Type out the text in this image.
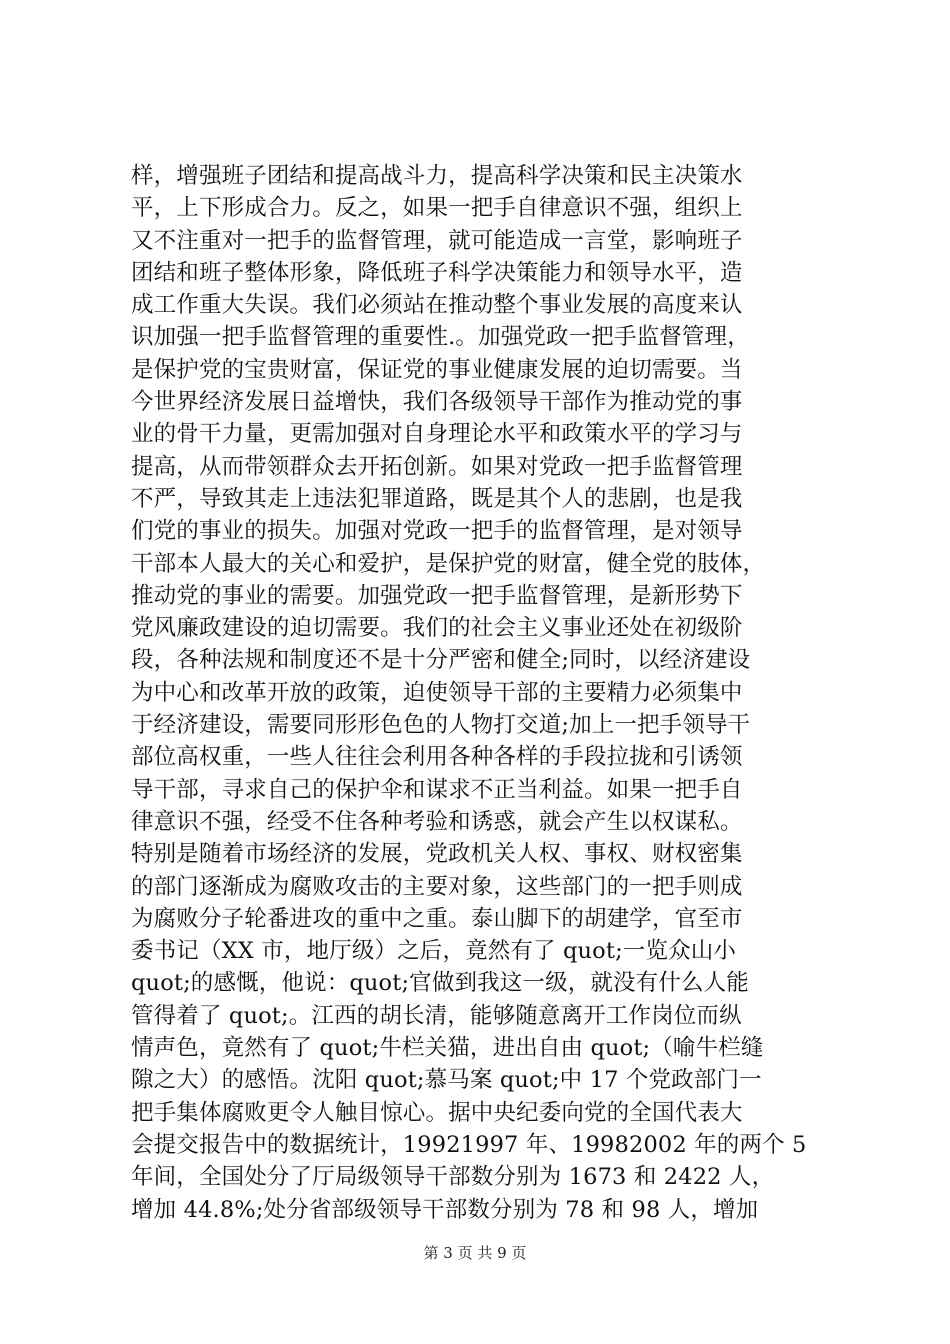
样，增强班子团结和提高战斗力，提高科学决策和民主决策水
平，上下形成合力。反之，如果一把手自律意识不强，组织上
又不注重对一把手的监督管理，就可能造成一言堂，影响班子
团结和班子整体形象，降低班子科学决策能力和领导水平，造
成工作重大失误。我们必须站在推动整个事业发展的高度来认
识加强一把手监督管理的重要性.。加强党政一把手监督管理，
是保护党的宝贵财富，保证党的事业健康发展的迫切需要。当
今世界经济发展日益增快，我们各级领导干部作为推动党的事
业的骨干力量，更需加强对自身理论水平和政策水平的学习与
提高，从而带领群众去开拓创新。如果对党政一把手监督管理
不严，导致其走上违法犯罪道路，既是其个人的悲剧，也是我
们党的事业的损失。加强对党政一把手的监督管理，是对领导
干部本人最大的关心和爱护，是保护党的财富，健全党的肢体，
推动党的事业的需要。加强党政一把手监督管理，是新形势下
党风廉政建设的迫切需要。我们的社会主义事业还处在初级阶
段，各种法规和制度还不是十分严密和健全;同时，以经济建设
为中心和改革开放的政策，迫使领导干部的主要精力必须集中
于经济建设，需要同形形色色的人物打交道;加上一把手领导干
部位高权重，一些人往往会利用各种各样的手段拉拢和引诱领
导干部，寻求自己的保护伞和谋求不正当利益。如果一把手自
律意识不强，经受不住各种考验和诱惑，就会产生以权谋私。
特别是随着市场经济的发展，党政机关人权、事权、财权密集
的部门逐渐成为腐败攻击的主要对象，这些部门的一把手则成
为腐败分子轮番进攻的重中之重。泰山脚下的胡建学，官至市
委书记（XX 市，地厅级）之后，竟然有了 quot;一览众山小
quot;的感慨，他说：quot;官做到我这一级，就没有什么人能
管得着了 quot;。江西的胡长清，能够随意离开工作岗位而纵
情声色，竟然有了 quot;牛栏关猫，进出自由 quot;（喻牛栏缝
隙之大）的感悟。沈阳 quot;慕马案 quot;中 17 个党政部门一
把手集体腐败更令人触目惊心。据中央纪委向党的全国代表大
会提交报告中的数据统计，19921997 年、19982002 年的两个 5
年间，全国处分了厅局级领导干部数分别为 1673 和 2422 人，
增加 44.8%;处分省部级领导干部数分别为 78 和 98 人，增加
第 3 页 共 9 页
